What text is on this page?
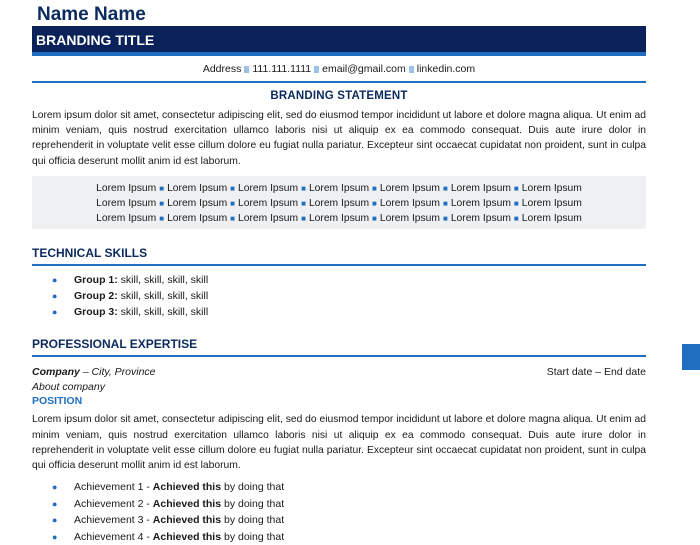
Name Name
BRANDING TITLE
Address 111.111.1111 email@gmail.com linkedin.com
BRANDING STATEMENT
Lorem ipsum dolor sit amet, consectetur adipiscing elit, sed do eiusmod tempor incididunt ut labore et dolore magna aliqua. Ut enim ad minim veniam, quis nostrud exercitation ullamco laboris nisi ut aliquip ex ea commodo consequat. Duis aute irure dolor in reprehenderit in voluptate velit esse cillum dolore eu fugiat nulla pariatur. Excepteur sint occaecat cupidatat non proident, sunt in culpa qui officia deserunt mollit anim id est laborum.
Lorem Ipsum ■ Lorem Ipsum ■ Lorem Ipsum ■ Lorem Ipsum ■ Lorem Ipsum ■ Lorem Ipsum ■ Lorem Ipsum
Lorem Ipsum ■ Lorem Ipsum ■ Lorem Ipsum ■ Lorem Ipsum ■ Lorem Ipsum ■ Lorem Ipsum ■ Lorem Ipsum
Lorem Ipsum ■ Lorem Ipsum ■ Lorem Ipsum ■ Lorem Ipsum ■ Lorem Ipsum ■ Lorem Ipsum ■ Lorem Ipsum
TECHNICAL SKILLS
● Group 1: skill, skill, skill, skill
● Group 2: skill, skill, skill, skill
● Group 3: skill, skill, skill, skill
PROFESSIONAL EXPERTISE
Company – City, Province	Start date – End date
About company
POSITION
Lorem ipsum dolor sit amet, consectetur adipiscing elit, sed do eiusmod tempor incididunt ut labore et dolore magna aliqua. Ut enim ad minim veniam, quis nostrud exercitation ullamco laboris nisi ut aliquip ex ea commodo consequat. Duis aute irure dolor in reprehenderit in voluptate velit esse cillum dolore eu fugiat nulla pariatur. Excepteur sint occaecat cupidatat non proident, sunt in culpa qui officia deserunt mollit anim id est laborum.
● Achievement 1 - Achieved this by doing that
● Achievement 2 - Achieved this by doing that
● Achievement 3 - Achieved this by doing that
● Achievement 4 - Achieved this by doing that
